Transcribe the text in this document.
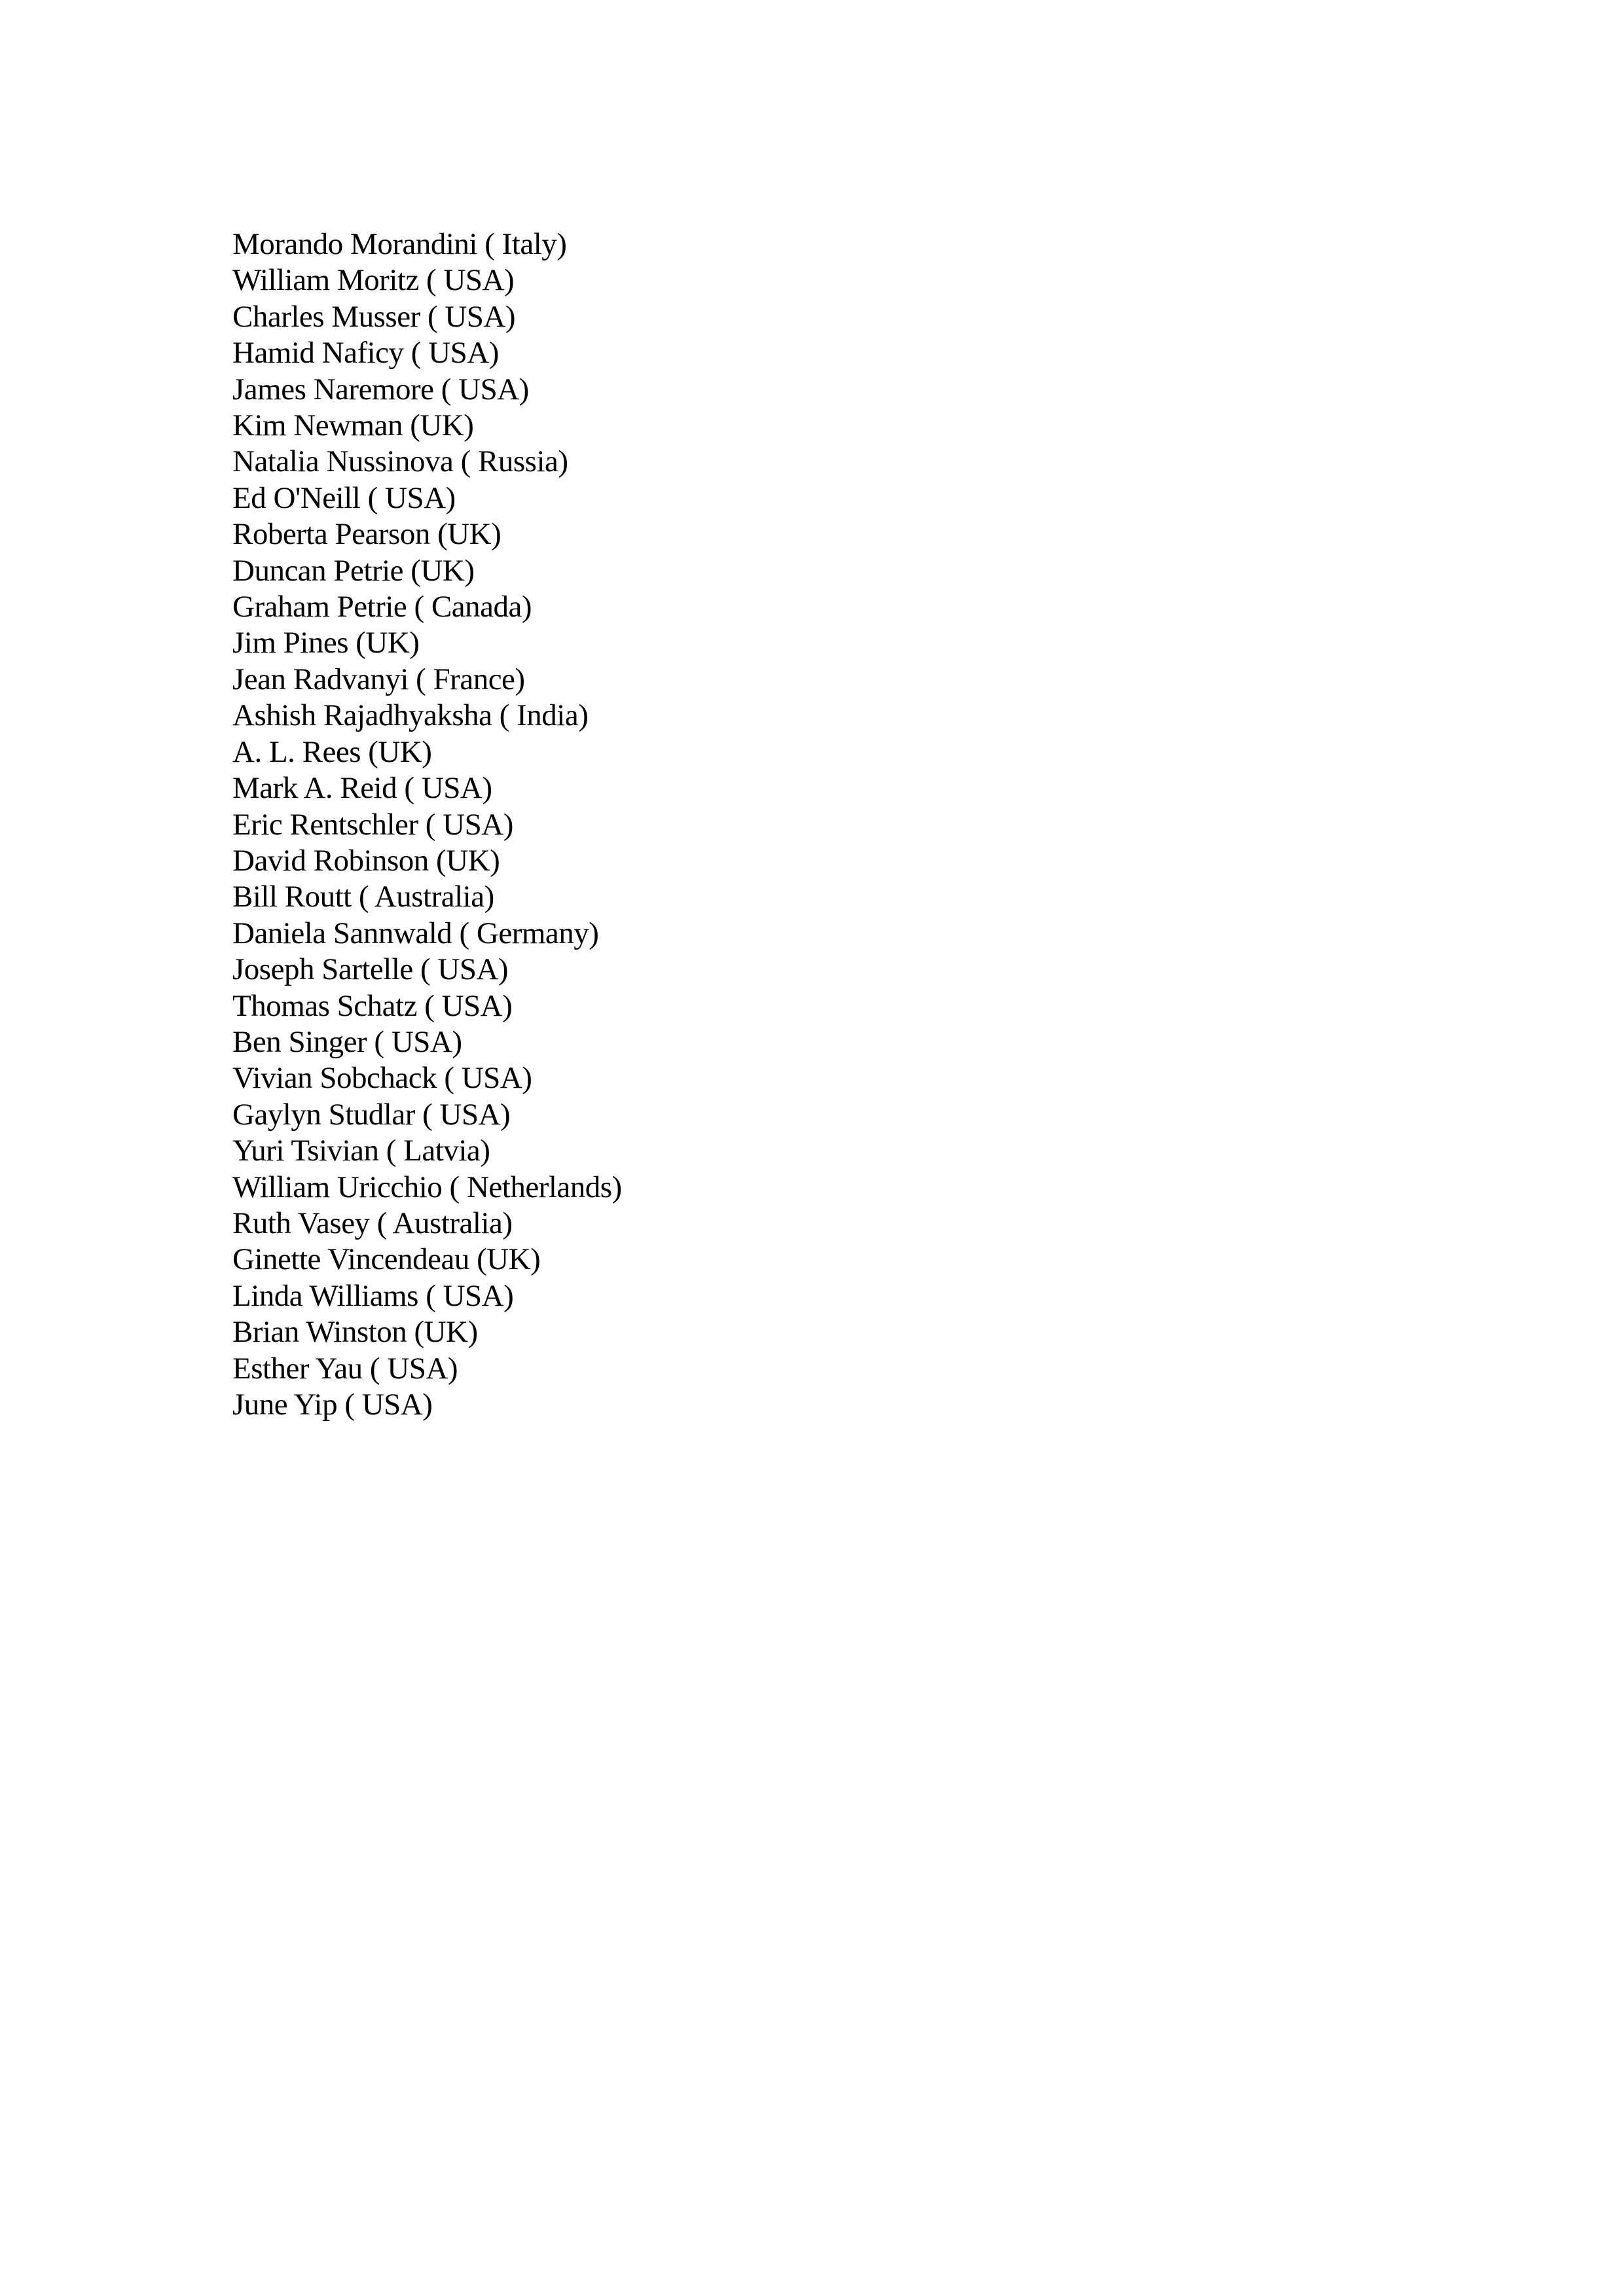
Morando Morandini ( Italy)
William Moritz ( USA)
Charles Musser ( USA)
Hamid Naficy ( USA)
James Naremore ( USA)
Kim Newman (UK)
Natalia Nussinova ( Russia)
Ed O'Neill ( USA)
Roberta Pearson (UK)
Duncan Petrie (UK)
Graham Petrie ( Canada)
Jim Pines (UK)
Jean Radvanyi ( France)
Ashish Rajadhyaksha ( India)
A. L. Rees (UK)
Mark A. Reid ( USA)
Eric Rentschler ( USA)
David Robinson (UK)
Bill Routt ( Australia)
Daniela Sannwald ( Germany)
Joseph Sartelle ( USA)
Thomas Schatz ( USA)
Ben Singer ( USA)
Vivian Sobchack ( USA)
Gaylyn Studlar ( USA)
Yuri Tsivian ( Latvia)
William Uricchio ( Netherlands)
Ruth Vasey ( Australia)
Ginette Vincendeau (UK)
Linda Williams ( USA)
Brian Winston (UK)
Esther Yau ( USA)
June Yip ( USA)
